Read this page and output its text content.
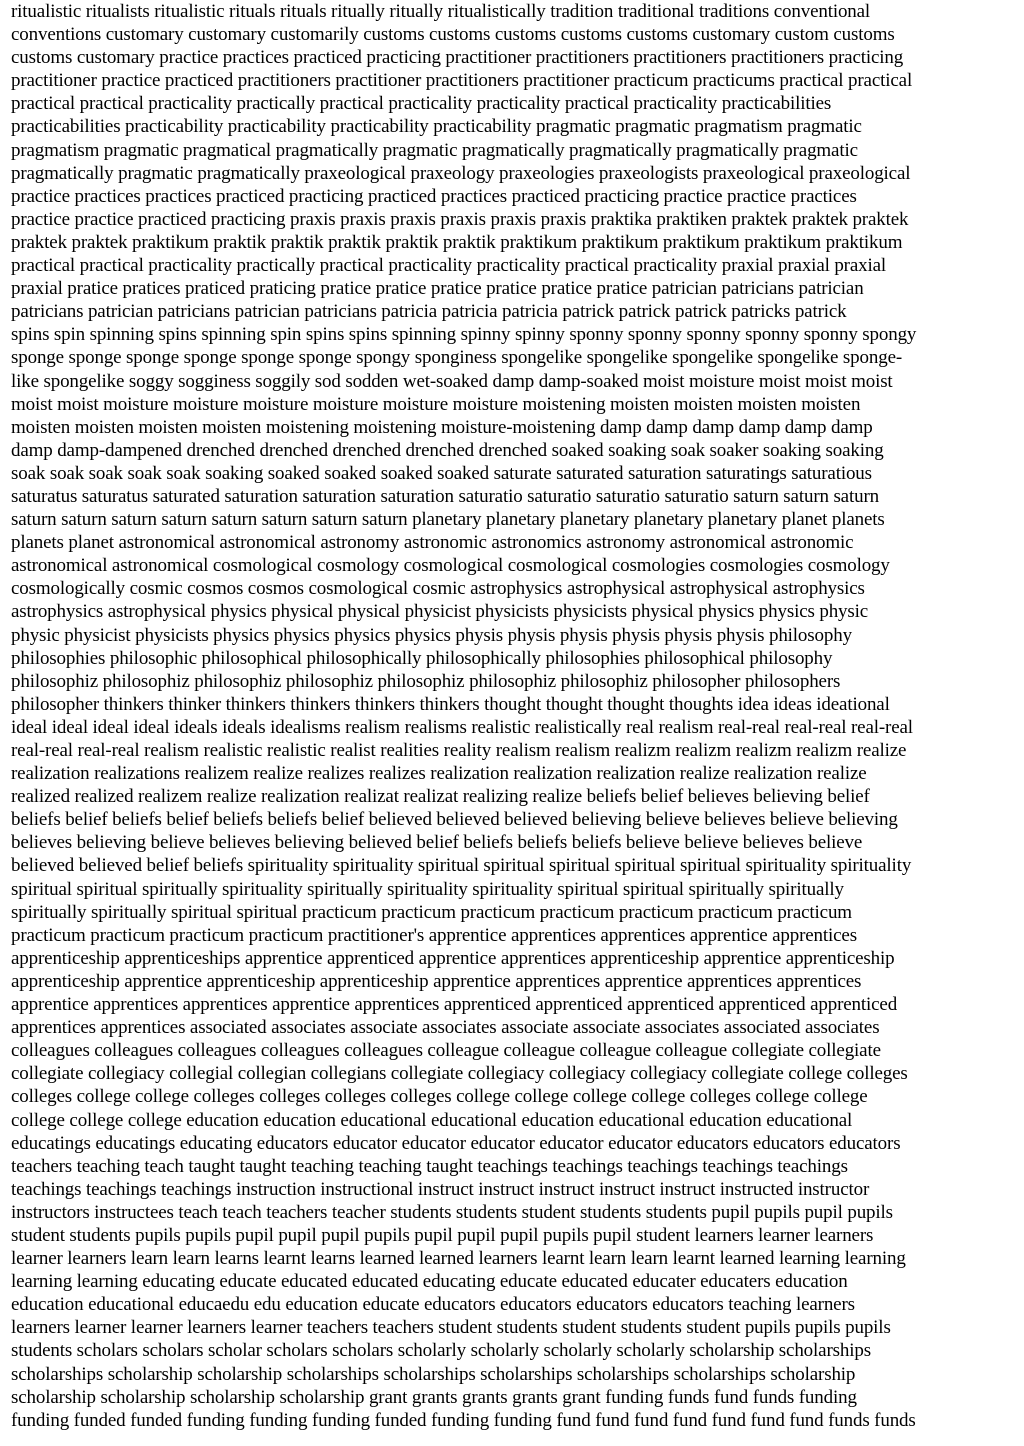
ritualistic ritualists ritualistic rituals rituals ritually ritually ritualistically tradition traditional traditions conventional
conventions customary customary customarily customs customs customs customs customs customary custom customs
customs customary practice practices practiced practicing practitioner practitioners practitioners practitioners practicing
practitioner practice practiced practitioners practitioner practitioners practitioner practicum practicums practical practical
practical practical practicality practically practical practicality practicality practical practicality practicabilities
practicabilities practicability practicability practicability practicability pragmatic pragmatic pragmatism pragmatic
pragmatism pragmatic pragmatical pragmatically pragmatic pragmatically pragmatically pragmatically pragmatic
pragmatically pragmatic pragmatically praxeological praxeology praxeologies praxeologists praxeological praxeological
practice practices practices practiced practicing practiced practices practiced practicing practice practice practices
practice practice practiced practicing praxis praxis praxis praxis praxis praxis praktika praktiken praktek praktek praktek
praktek praktek praktikum praktik praktik praktik praktik praktik praktikum praktikum praktikum praktikum praktikum
practical practical practicality practically practical practicality practicality practical practicality praxial praxial praxial
praxial pratice pratices praticed praticing pratice pratice pratice pratice pratice pratice patrician patricians patrician
patricians patrician patricians patrician patricians patricia patricia patricia patrick patrick patrick patricks patrick
spins spin spinning spins spinning spin spins spins spinning spinny spinny sponny sponny sponny sponny sponny spongy
sponge sponge sponge sponge sponge sponge spongy sponginess spongelike spongelike spongelike spongelike sponge-
like spongelike soggy sogginess soggily sod sodden wet-soaked damp damp-soaked moist moisture moist moist moist
moist moist moisture moisture moisture moisture moisture moisture moistening moisten moisten moisten moisten
moisten moisten moisten moisten moistening moistening moisture-moistening damp damp damp damp damp damp
damp damp-dampened drenched drenched drenched drenched drenched soaked soaking soak soaker soaking soaking
soak soak soak soak soak soaking soaked soaked soaked soaked saturate saturated saturation saturatings saturatious
saturatus saturatus saturated saturation saturation saturation saturatio saturatio saturatio saturatio saturn saturn saturn
saturn saturn saturn saturn saturn saturn saturn saturn planetary planetary planetary planetary planetary planet planets
planets planet astronomical astronomical astronomy astronomic astronomics astronomy astronomical astronomic
astronomical astronomical cosmological cosmology cosmological cosmological cosmologies cosmologies cosmology
cosmologically cosmic cosmos cosmos cosmological cosmic astrophysics astrophysical astrophysical astrophysics
astrophysics astrophysical physics physical physical physicist physicists physicists physical physics physics physic
physic physicist physicists physics physics physics physics physis physis physis physis physis physis philosophy
philosophies philosophic philosophical philosophically philosophically philosophies philosophical philosophy
philosophiz philosophiz philosophiz philosophiz philosophiz philosophiz philosophiz philosopher philosophers
philosopher thinkers thinker thinkers thinkers thinkers thinkers thought thought thought thoughts idea ideas ideational
ideal ideal ideal ideal ideals ideals idealisms realism realisms realistic realistically real realism real-real real-real real-real
real-real real-real realism realistic realistic realist realities reality realism realism realizm realizm realizm realizm realize
realization realizations realizem realize realizes realizes realization realization realization realize realization realize
realized realized realizem realize realization realizat realizat realizing realize beliefs belief believes believing belief
beliefs belief beliefs belief beliefs beliefs belief believed believed believed believing believe believes believe believing
believes believing believe believes believing believed belief beliefs beliefs beliefs believe believe believes believe
believed believed belief beliefs spirituality spirituality spiritual spiritual spiritual spiritual spiritual spirituality spirituality
spiritual spiritual spiritually spirituality spiritually spirituality spirituality spiritual spiritual spiritually spiritually
spiritually spiritually spiritual spiritual practicum practicum practicum practicum practicum practicum practicum
practicum practicum practicum practicum practitioner's apprentice apprentices apprentices apprentice apprentices
apprenticeship apprenticeships apprentice apprenticed apprentice apprentices apprenticeship apprentice apprenticeship
apprenticeship apprentice apprenticeship apprenticeship apprentice apprentices apprentice apprentices apprentices
apprentice apprentices apprentices apprentice apprentices apprenticed apprenticed apprenticed apprenticed apprenticed
apprentices apprentices associated associates associate associates associate associate associates associated associates
colleagues colleagues colleagues colleagues colleagues colleague colleague colleague colleague collegiate collegiate
collegiate collegiacy collegial collegian collegians collegiate collegiacy collegiacy collegiacy collegiate college colleges
colleges college college colleges colleges colleges colleges college college college college colleges college college
college college college education education educational educational education educational education educational
educatings educatings educating educators educator educator educator educator educator educators educators educators
teachers teaching teach taught taught teaching teaching taught teachings teachings teachings teachings teachings
teachings teachings teachings instruction instructional instruct instruct instruct instruct instruct instructed instructor
instructors instructees teach teach teachers teacher students students student students students pupil pupils pupil pupils
student students pupils pupils pupil pupil pupil pupils pupil pupil pupil pupils pupil student learners learner learners
learner learners learn learn learns learnt learns learned learned learners learnt learn learn learnt learned learning learning
learning learning educating educate educated educated educating educate educated educater educaters education
education educational educaedu edu education educate educators educators educators educators teaching learners
learners learner learner learners learner teachers teachers student students student students student pupils pupils pupils
students scholars scholars scholar scholars scholars scholarly scholarly scholarly scholarly scholarship scholarships
scholarships scholarship scholarship scholarships scholarships scholarships scholarships scholarships scholarship
scholarship scholarship scholarship scholarship grant grants grants grants grant funding funds fund funds funding
funding funded funded funding funding funding funded funding funding fund fund fund fund fund fund fund funds funds
